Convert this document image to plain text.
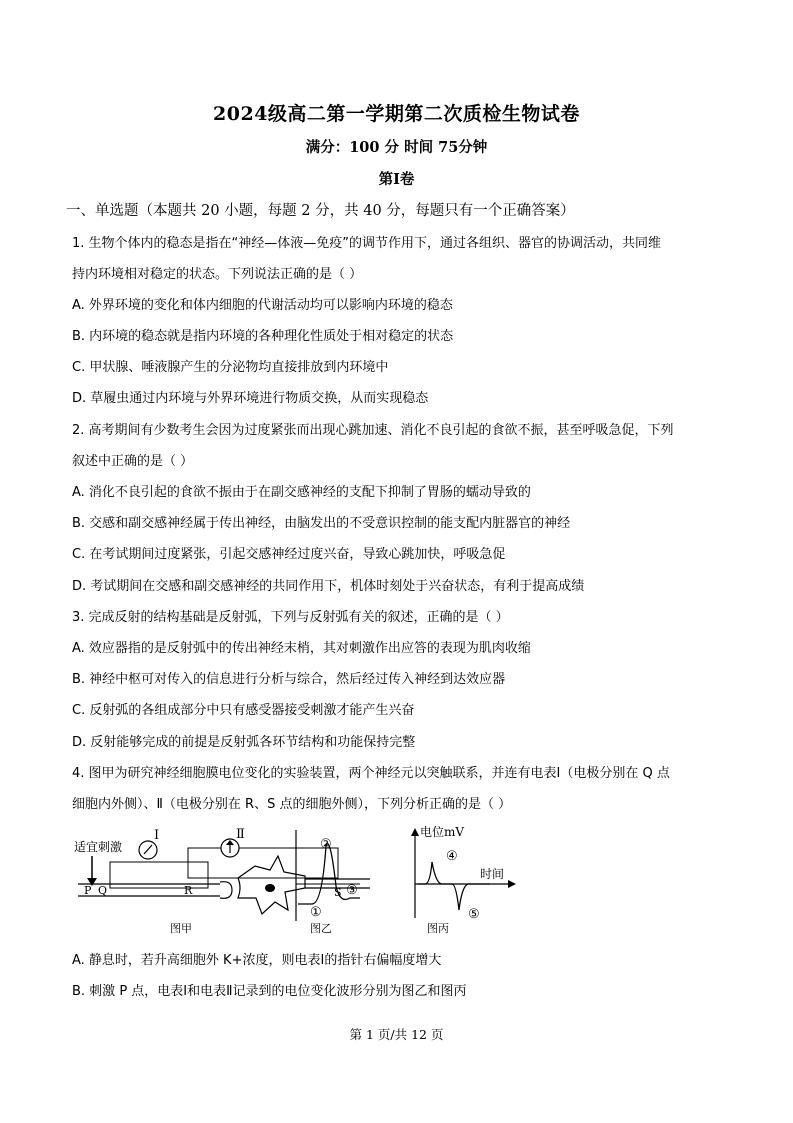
2024级高二第一学期第二次质检生物试卷
满分：100 分 时间 75分钟
第Ⅰ卷
一、单选题（本题共 20 小题，每题 2 分，共 40 分，每题只有一个正确答案）
1. 生物个体内的稳态是指在“神经—体液—免疫”的调节作用下，通过各组织、器官的协调活动，共同维
持内环境相对稳定的状态。下列说法正确的是（ ）
A. 外界环境的变化和体内细胞的代谢活动均可以影响内环境的稳态
B. 内环境的稳态就是指内环境的各种理化性质处于相对稳定的状态
C. 甲状腺、唾液腺产生的分泌物均直接排放到内环境中
D. 草履虫通过内环境与外界环境进行物质交换，从而实现稳态
2. 高考期间有少数考生会因为过度紧张而出现心跳加速、消化不良引起的食欲不振，甚至呼吸急促，下列
叙述中正确的是（ ）
A. 消化不良引起的食欲不振由于在副交感神经的支配下抑制了胃肠的蠕动导致的
B. 交感和副交感神经属于传出神经，由脑发出的不受意识控制的能支配内脏器官的神经
C. 在考试期间过度紧张，引起交感神经过度兴奋，导致心跳加快，呼吸急促
D. 考试期间在交感和副交感神经的共同作用下，机体时刻处于兴奋状态，有利于提高成绩
3. 完成反射的结构基础是反射弧，下列与反射弧有关的叙述，正确的是（ ）
A. 效应器指的是反射弧中的传出神经末梢，其对刺激作出应答的表现为肌肉收缩
B. 神经中枢可对传入的信息进行分析与综合，然后经过传入神经到达效应器
C. 反射弧的各组成部分中只有感受器接受刺激才能产生兴奋
D. 反射能够完成的前提是反射弧各环节结构和功能保持完整
4. 图甲为研究神经细胞膜电位变化的实验装置，两个神经元以突触联系，并连有电表Ⅰ（电极分别在 Q 点
细胞内外侧）、Ⅱ（电极分别在 R、S 点的细胞外侧），下列分析正确的是（ ）
适宜刺激
Ⅰ	Ⅱ
P Q	R	S
图甲
①
②
③
图乙
电位mV
时间
④
⑤
图丙
A. 静息时，若升高细胞外 K+浓度，则电表Ⅰ的指针右偏幅度增大
B. 刺激 P 点，电表Ⅰ和电表Ⅱ记录到的电位变化波形分别为图乙和图丙
第 1 页/共 12 页
